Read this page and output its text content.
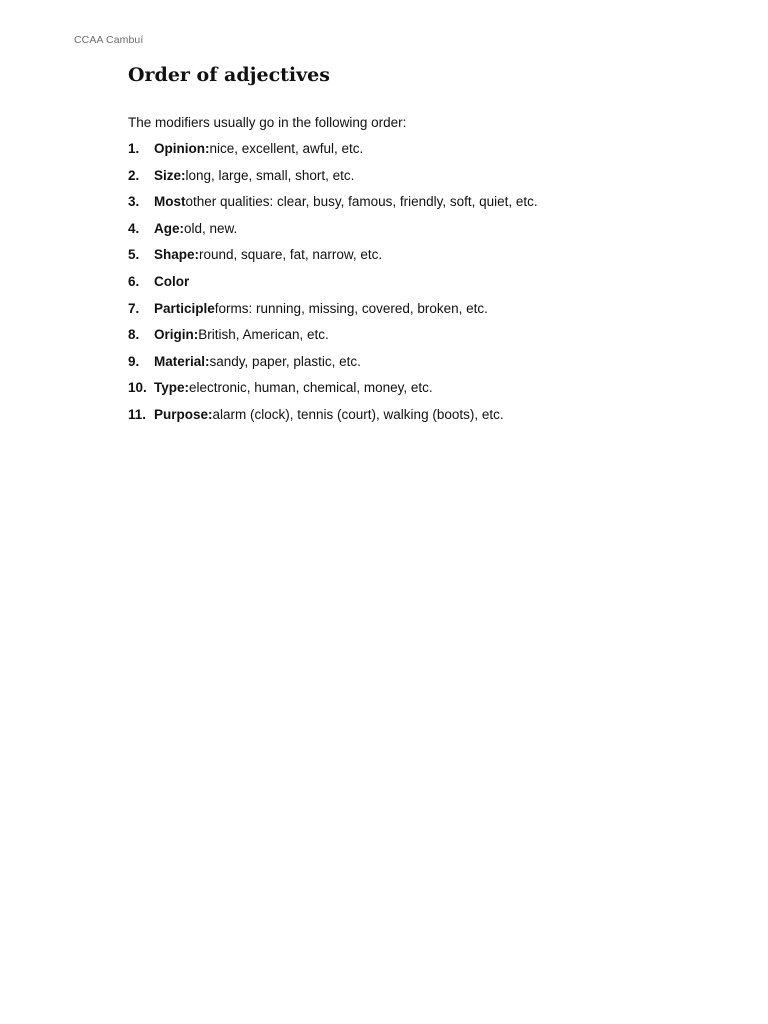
CCAA Cambuí
Order of adjectives

The modifiers usually go in the following order:

1.	Opinion: nice, excellent, awful, etc.
2.	Size: long, large, small, short, etc.
3.	Most other qualities: clear, busy, famous, friendly, soft, quiet, etc.
4.	Age: old, new.
5.	Shape: round, square, fat, narrow, etc.
6.	Color
7.	Participle forms: running, missing, covered, broken, etc.
8.	Origin: British, American, etc.
9.	Material: sandy, paper, plastic, etc.
10. Type: electronic, human, chemical, money, etc.
11. Purpose: alarm (clock), tennis (court), walking (boots), etc.
